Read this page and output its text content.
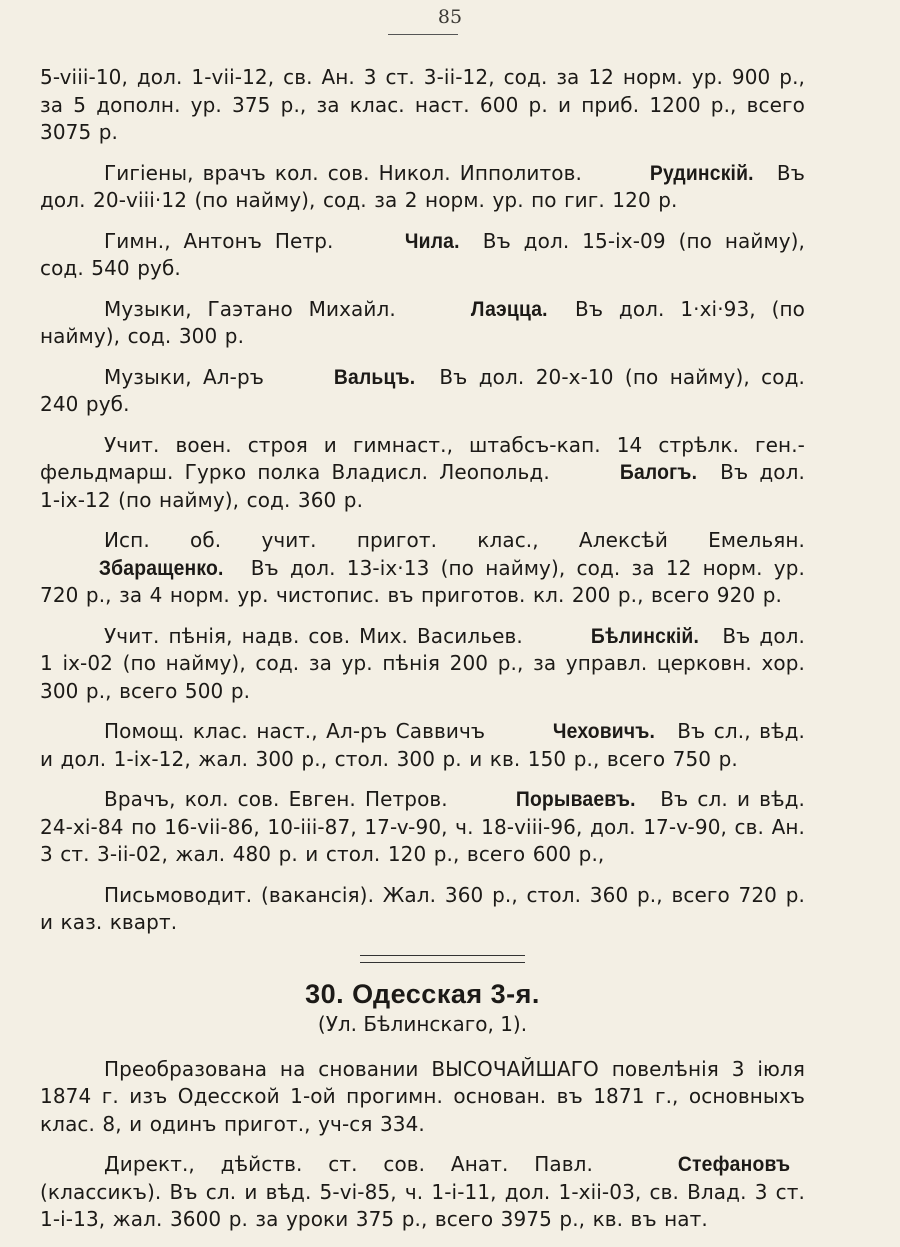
85

5-viii-10, дол. 1-vii-12, св. Ан. 3 ст. 3-ii-12, сод. за 12 норм. ур. 900 р., за 5 дополн. ур. 375 р., за клас. наст. 600 р. и приб. 1200 р., всего 3075 р.

Гигiены, врачъ кол. сов. Никол. Ипполитов.	Рудинскiй. Въ дол. 20-viii·12 (по найму), сод. за 2 норм. ур. по гиг. 120 р.

Гимн., Антонъ Петр.	Чила. Въ дол. 15-ix-09 (по найму), сод. 540 руб.

Музыки, Гаэтано Михайл.	Лаэцца. Въ дол. 1·xi·93, (по найму), сод. 300 р.

Музыки, Ал-ръ	Вальцъ. Въ дол. 20-x-10 (по найму), сод. 240 руб.

Учит. воен. строя и гимнаст., штабсъ-кап. 14 стрѣлк. ген.-фельдмарш. Гурко полка Владисл. Леопольд.	Балогъ. Въ дол. 1-ix-12 (по найму), сод. 360 р.

Исп. об. учит. пригот. клас., Алексѣй Емельян. Збаращенко. Въ дол. 13-ix·13 (по найму), сод. за 12 норм. ур. 720 р., за 4 норм. ур. чистопис. въ приготов. кл. 200 р., всего 920 р.

Учит. пѣнiя, надв. сов. Мих. Васильев.	Бѣлинскiй. Въ дол. 1 ix-02 (по найму), сод. за ур. пѣнiя 200 р., за управл. церковн. хор. 300 р., всего 500 р.

Помощ. клас. наст., Ал-ръ Саввичъ	Чеховичъ. Въ сл., вѣд. и дол. 1-ix-12, жал. 300 р., стол. 300 р. и кв. 150 р., всего 750 р.

Врачъ, кол. сов. Евген. Петров.	Порываевъ. Въ сл. и вѣд. 24-xi-84 по 16-vii-86, 10-iii-87, 17-v-90, ч. 18-viii-96, дол. 17-v-90, св. Ан. 3 ст. 3-ii-02, жал. 480 р. и стол. 120 р., всего 600 р.,

Письмоводит. (вакансiя). Жал. 360 р., стол. 360 р., всего 720 р. и каз. кварт.

30. Одесская 3-я.
(Ул. Бѣлинскаго, 1).

Преобразована на сновании ВЫСОЧАЙШАГО повелѣнiя 3 iюля 1874 г. изъ Одесской 1-ой прогимн. основан. въ 1871 г., основныхъ клас. 8, и одинъ пригот., уч-ся 334.

Директ., дѣйств. ст. сов. Анат. Павл.	Стефановъ (классикъ). Въ сл. и вѣд. 5-vi-85, ч. 1-i-11, дол. 1-xii-03, св. Влад. 3 ст. 1-i-13, жал. 3600 р. за уроки 375 р., всего 3975 р., кв. въ нат.
